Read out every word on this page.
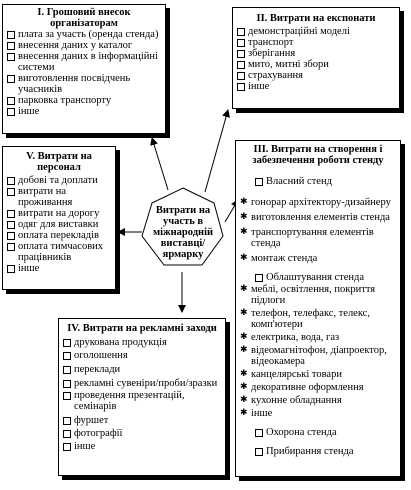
Витрати на участь в міжнародній виставці/ ярмарку
I. Грошовий внесок організаторам
плата за участь (оренда стенда)
внесення даних у каталог
внесення даних в інформаційні системи
виготовлення посвідчень учасників
парковка транспорту
інше
II. Витрати на експонати
демонстраційні моделі
транспорт
зберігання
мито, митні збори
страхування
інше
V. Витрати на персонал
добові та доплати
витрати на проживання
витрати на дорогу
одяг для виставки
оплата перекладів
оплата тимчасових працівників
інше
III. Витрати на створення і забезпечення роботи стенду
Власний стенд
✱ гонорар архітектору-дизайнеру
✱ виготовлення елементів стенда
✱ транспортування елементів стенда
✱ монтаж стенда
Облаштування стенда
✱ меблі, освітлення, покриття підлоги
✱ телефон, телефакс, телекс, комп'ютери
✱ електрика, вода, газ
✱ відеомагнітофон, діапроектор, відеокамера
✱ канцелярські товари
✱ декоративне оформлення
✱ кухонне обладнання
✱ інше
Охорона стенда
Прибирання стенда
IV. Витрати на рекламні заходи
друкована продукція
оголошення
переклади
рекламні сувеніри/проби/зразки
проведення презентацій, семінарів
фуршет
фотографії
інше
